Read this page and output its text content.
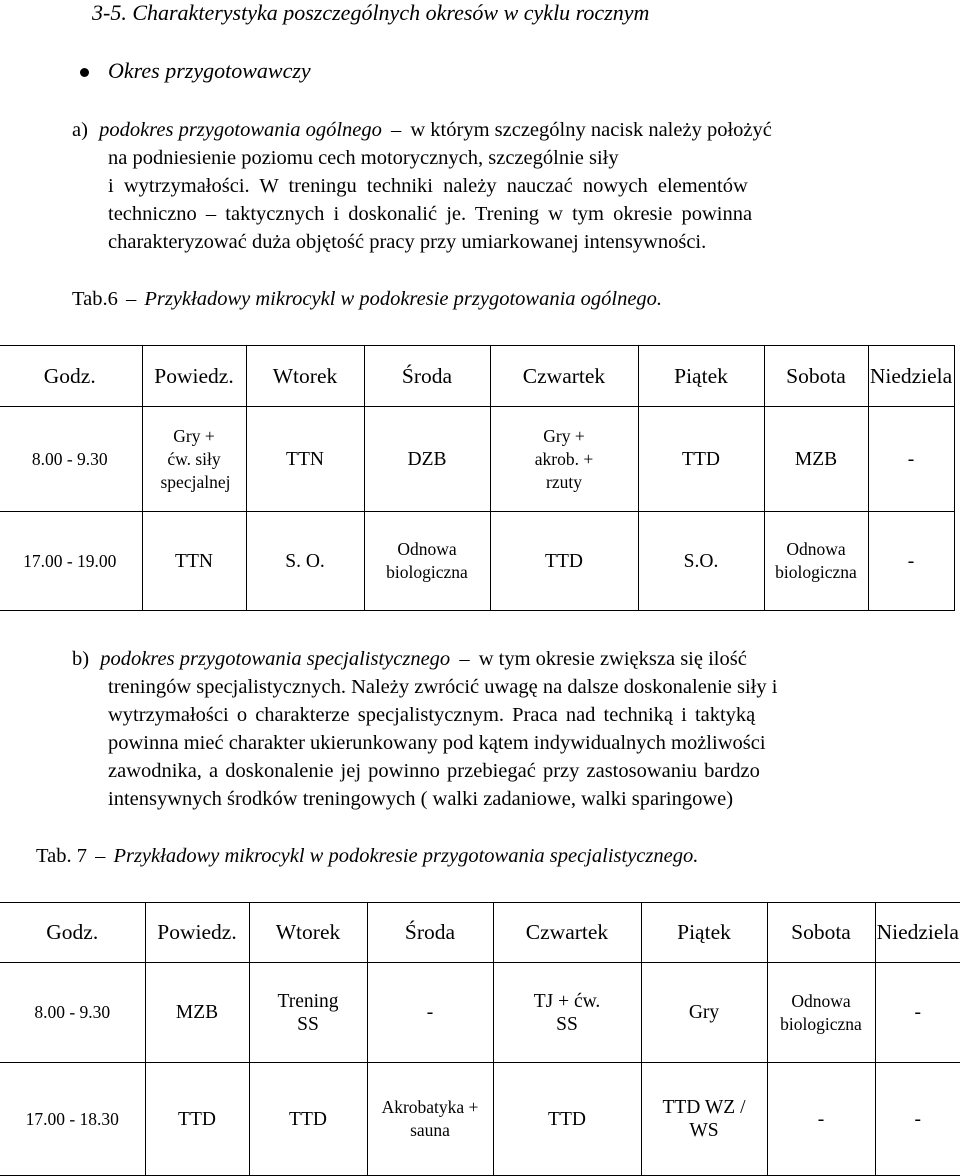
3-5. Charakterystyka poszczególnych okresów w cyklu rocznym
Okres przygotowawczy
a) podokres przygotowania ogólnego – w którym szczególny nacisk należy położyć
na podniesienie poziomu cech motorycznych, szczególnie siły
i wytrzymałości. W treningu techniki należy nauczać nowych elementów
techniczno – taktycznych i doskonalić je. Trening w tym okresie powinna
charakteryzować duża objętość pracy przy umiarkowanej intensywności.
Tab.6 – Przykładowy mikrocykl w podokresie przygotowania ogólnego.
Godz.	Powiedz.	Wtorek	Środa	Czwartek	Piątek	Sobota	Niedziela
8.00 - 9.30	Gry + ćw. siły specjalnej	TTN	DZB	Gry + akrob. + rzuty	TTD	MZB	-
17.00 - 19.00	TTN	S. O.	Odnowa biologiczna	TTD	S.O.	Odnowa biologiczna	-
b) podokres przygotowania specjalistycznego – w tym okresie zwiększa się ilość
treningów specjalistycznych. Należy zwrócić uwagę na dalsze doskonalenie siły i
wytrzymałości o charakterze specjalistycznym. Praca nad techniką i taktyką
powinna mieć charakter ukierunkowany pod kątem indywidualnych możliwości
zawodnika, a doskonalenie jej powinno przebiegać przy zastosowaniu bardzo
intensywnych środków treningowych ( walki zadaniowe, walki sparingowe)
Tab. 7 – Przykładowy mikrocykl w podokresie przygotowania specjalistycznego.
Godz.	Powiedz.	Wtorek	Środa	Czwartek	Piątek	Sobota	Niedziela
8.00 - 9.30	MZB	Trening SS	-	TJ + ćw. SS	Gry	Odnowa biologiczna	-
17.00 - 18.30	TTD	TTD	Akrobatyka + sauna	TTD	TTD WZ / WS	-	-
